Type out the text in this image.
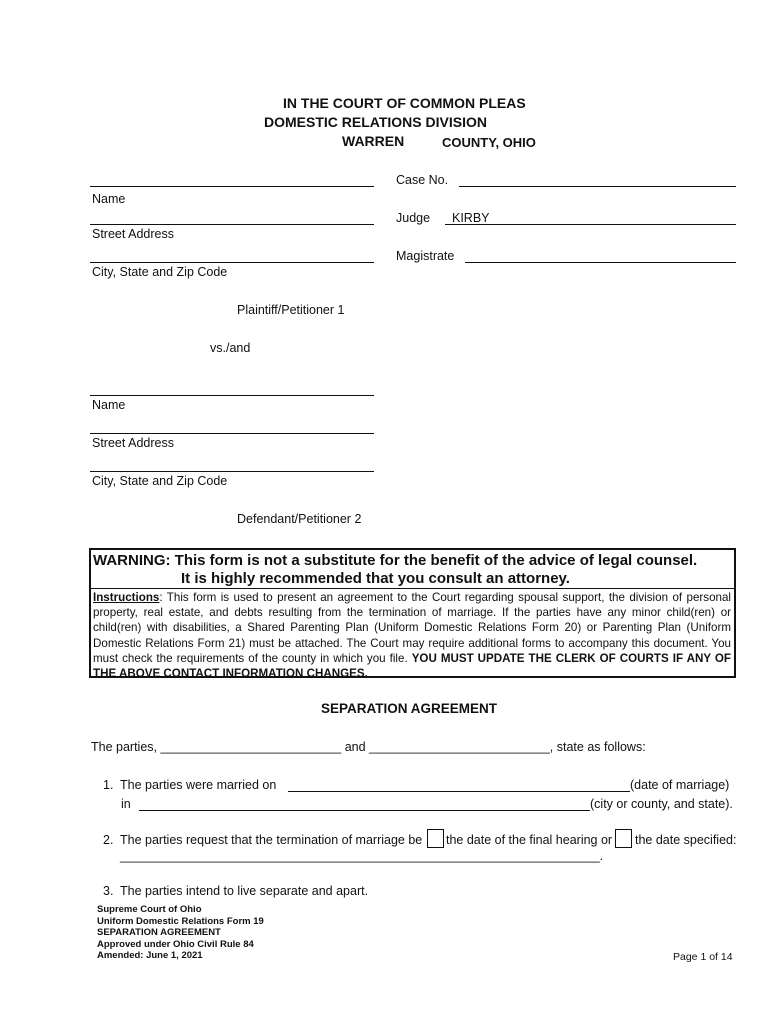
IN THE COURT OF COMMON PLEAS
DOMESTIC RELATIONS DIVISION
WARREN	COUNTY, OHIO
Name
Street Address
City, State and Zip Code
Plaintiff/Petitioner 1
Case No.
Judge KIRBY
Magistrate
vs./and
Name
Street Address
City, State and Zip Code
Defendant/Petitioner 2
WARNING: This form is not a substitute for the benefit of the advice of legal counsel.
It is highly recommended that you consult an attorney.
Instructions: This form is used to present an agreement to the Court regarding spousal support, the division of personal property, real estate, and debts resulting from the termination of marriage. If the parties have any minor child(ren) or child(ren) with disabilities, a Shared Parenting Plan (Uniform Domestic Relations Form 20) or Parenting Plan (Uniform Domestic Relations Form 21) must be attached. The Court may require additional forms to accompany this document. You must check the requirements of the county in which you file. YOU MUST UPDATE THE CLERK OF COURTS IF ANY OF THE ABOVE CONTACT INFORMATION CHANGES.
SEPARATION AGREEMENT
The parties, __________________________ and __________________________, state as follows:
1. The parties were married on	(date of marriage)
in	(city or county, and state).
2. The parties request that the termination of marriage be the date of the final hearing or the date specified:
_____________________________________________________________________.
3. The parties intend to live separate and apart.
Supreme Court of Ohio
Uniform Domestic Relations Form 19
SEPARATION AGREEMENT
Approved under Ohio Civil Rule 84
Amended: June 1, 2021	Page 1 of 14
